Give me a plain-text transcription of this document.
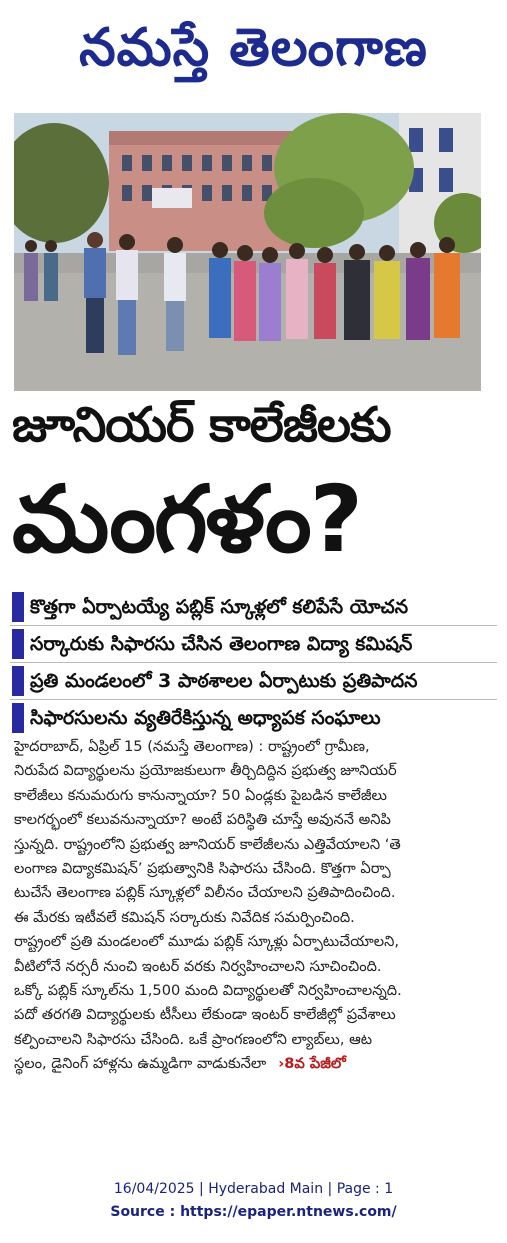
నమస్తే తెలంగాణ
జూనియర్ కాలేజీలకు
మంగళం?
కొత్తగా ఏర్పాటయ్యే పబ్లిక్ స్కూళ్లలో కలిపేసే యోచన
సర్కారుకు సిఫారసు చేసిన తెలంగాణ విద్యా కమిషన్
ప్రతి మండలంలో 3 పాఠశాలల ఏర్పాటుకు ప్రతిపాదన
సిఫారసులను వ్యతిరేకిస్తున్న అధ్యాపక సంఘాలు
హైదరాబాద్, ఏప్రిల్ 15 (నమస్తే తెలంగాణ) : రాష్ట్రంలో గ్రామీణ,
నిరుపేద విద్యార్థులను ప్రయోజకులుగా తీర్చిదిద్దిన ప్రభుత్వ జూనియర్
కాలేజీలు కనుమరుగు కానున్నాయా? 50 ఏండ్లకు పైబడిన కాలేజీలు
కాలగర్భంలో కలువనున్నాయా? అంటే పరిస్థితి చూస్తే అవుననే అనిపి
స్తున్నది. రాష్ట్రంలోని ప్రభుత్వ జూనియర్ కాలేజీలను ఎత్తివేయాలని ‘తె
లంగాణ విద్యాకమిషన్’ ప్రభుత్వానికి సిఫారసు చేసింది. కొత్తగా ఏర్పా
టుచేసే తెలంగాణ పబ్లిక్ స్కూళ్లలో విలీనం చేయాలని ప్రతిపాదించింది.
ఈ మేరకు ఇటీవలే కమిషన్ సర్కారుకు నివేదిక సమర్పించింది.
రాష్ట్రంలో ప్రతి మండలంలో మూడు పబ్లిక్ స్కూళ్లు ఏర్పాటుచేయాలని,
వీటిలోనే నర్సరీ నుంచి ఇంటర్ వరకు నిర్వహించాలని సూచించింది.
ఒక్కో పబ్లిక్ స్కూల్‌ను 1,500 మంది విద్యార్థులతో నిర్వహించాలన్నది.
పదో తరగతి విద్యార్థులకు టీసీలు లేకుండా ఇంటర్ కాలేజీల్లో ప్రవేశాలు
కల్పించాలని సిఫారసు చేసింది. ఒకే ప్రాంగణంలోని ల్యాబ్‌లు, ఆట
స్థలం, డైనింగ్ హాళ్లను ఉమ్మడిగా వాడుకునేలా ›8వ పేజీలో
16/04/2025 | Hyderabad Main | Page : 1
Source : https://epaper.ntnews.com/
